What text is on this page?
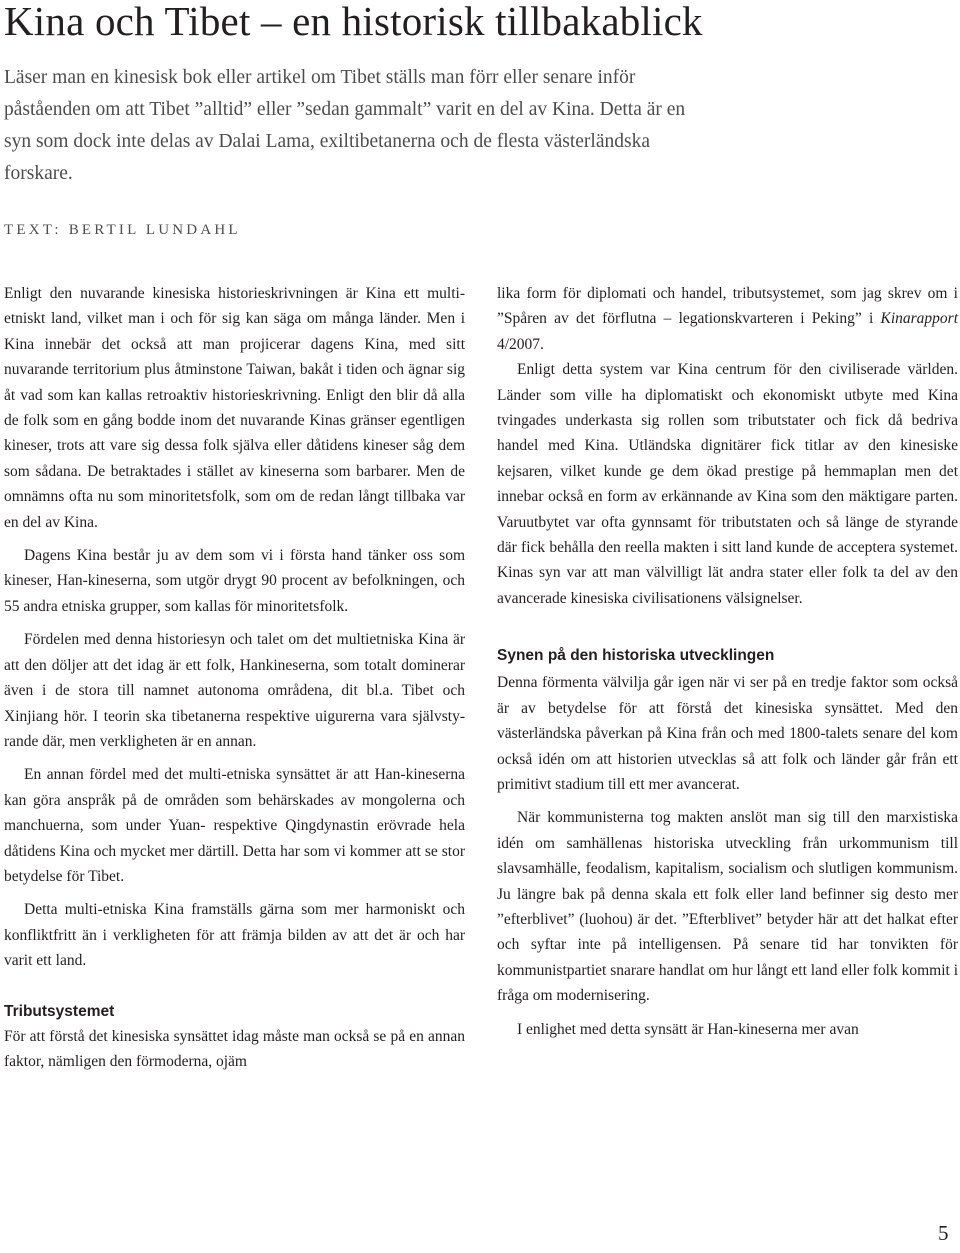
Kina och Tibet – en historisk tillbakablick

Läser man en kinesisk bok eller artikel om Tibet ställs man förr eller senare inför påståenden om att Tibet ”alltid” eller ”sedan gammalt” varit en del av Kina. Detta är en syn som dock inte delas av Dalai Lama, exiltibetanerna och de flesta västerländska forskare.

TEXT: BERTIL LUNDAHL

Enligt den nuvarande kinesiska historieskrivningen är Kina ett multi-etniskt land, vilket man i och för sig kan säga om många länder. Men i Kina innebär det också att man projicerar dagens Kina, med sitt nuvarande territorium plus åtminstone Taiwan, bakåt i tiden och ägnar sig åt vad som kan kallas retroaktiv historieskrivning. Enligt den blir då alla de folk som en gång bodde inom det nuvarande Kinas gränser egentligen kineser, trots att vare sig dessa folk själva eller dåtidens kineser såg dem som sådana. De betraktades i stället av kineserna som barbarer. Men de omnämns ofta nu som minoritetsfolk, som om de redan långt tillbaka var en del av Kina.

Dagens Kina består ju av dem som vi i första hand tänker oss som kineser, Han-kineserna, som utgör drygt 90 procent av befolkningen, och 55 andra etniska grupper, som kallas för minoritetsfolk.

Fördelen med denna historiesyn och talet om det multietniska Kina är att den döljer att det idag är ett folk, Hankineserna, som totalt dominerar även i de stora till namnet autonoma områdena, dit bl.a. Tibet och Xinjiang hör. I teorin ska tibetanerna respektive uigurerna vara självstyrande där, men verkligheten är en annan.

En annan fördel med det multi-etniska synsättet är att Han-kineserna kan göra anspråk på de områden som behärskades av mongolerna och manchuerna, som under Yuan- respektive Qingdynastin erövrade hela dåtidens Kina och mycket mer därtill. Detta har som vi kommer att se stor betydelse för Tibet.

Detta multi-etniska Kina framställs gärna som mer harmoniskt och konfliktfritt än i verkligheten för att främja bilden av att det är och har varit ett land.

Tributsystemet

För att förstå det kinesiska synsättet idag måste man också se på en annan faktor, nämligen den förmoderna, ojäm

lika form för diplomati och handel, tributsystemet, som jag skrev om i ”Spåren av det förflutna – legationskvarteren i Peking” i Kinarapport 4/2007.

Enligt detta system var Kina centrum för den civiliserade världen. Länder som ville ha diplomatiskt och ekonomiskt utbyte med Kina tvingades underkasta sig rollen som tributstater och fick då bedriva handel med Kina. Utländska dignitärer fick titlar av den kinesiske kejsaren, vilket kunde ge dem ökad prestige på hemmaplan men det innebar också en form av erkännande av Kina som den mäktigare parten. Varuutbytet var ofta gynnsamt för tributstaten och så länge de styrande där fick behålla den reella makten i sitt land kunde de acceptera systemet. Kinas syn var att man välvilligt lät andra stater eller folk ta del av den avancerade kinesiska civilisationens välsignelser.

Synen på den historiska utvecklingen

Denna förmenta välvilja går igen när vi ser på en tredje faktor som också är av betydelse för att förstå det kinesiska synsättet. Med den västerländska påverkan på Kina från och med 1800-talets senare del kom också idén om att historien utvecklas så att folk och länder går från ett primitivt stadium till ett mer avancerat.

När kommunisterna tog makten anslöt man sig till den marxistiska idén om samhällenas historiska utveckling från urkommunism till slavsamhälle, feodalism, kapitalism, socialism och slutligen kommunism. Ju längre bak på denna skala ett folk eller land befinner sig desto mer ”efterblivet” (luohou) är det. ”Efterblivet” betyder här att det halkat efter och syftar inte på intelligensen. På senare tid har tonvikten för kommunistpartiet snarare handlat om hur långt ett land eller folk kommit i fråga om modernisering.

I enlighet med detta synsätt är Han-kineserna mer avan

5
